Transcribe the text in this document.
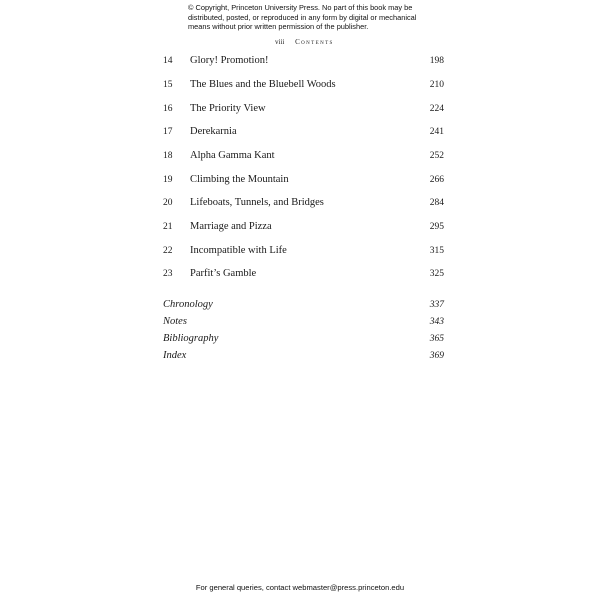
© Copyright, Princeton University Press. No part of this book may be distributed, posted, or reproduced in any form by digital or mechanical means without prior written permission of the publisher.
viii Contents
14	Glory! Promotion!	198
15	The Blues and the Bluebell Woods	210
16	The Priority View	224
17	Derekarnia	241
18	Alpha Gamma Kant	252
19	Climbing the Mountain	266
20	Lifeboats, Tunnels, and Bridges	284
21	Marriage and Pizza	295
22	Incompatible with Life	315
23	Parfit’s Gamble	325
Chronology	337
Notes	343
Bibliography	365
Index	369
For general queries, contact webmaster@press.princeton.edu
